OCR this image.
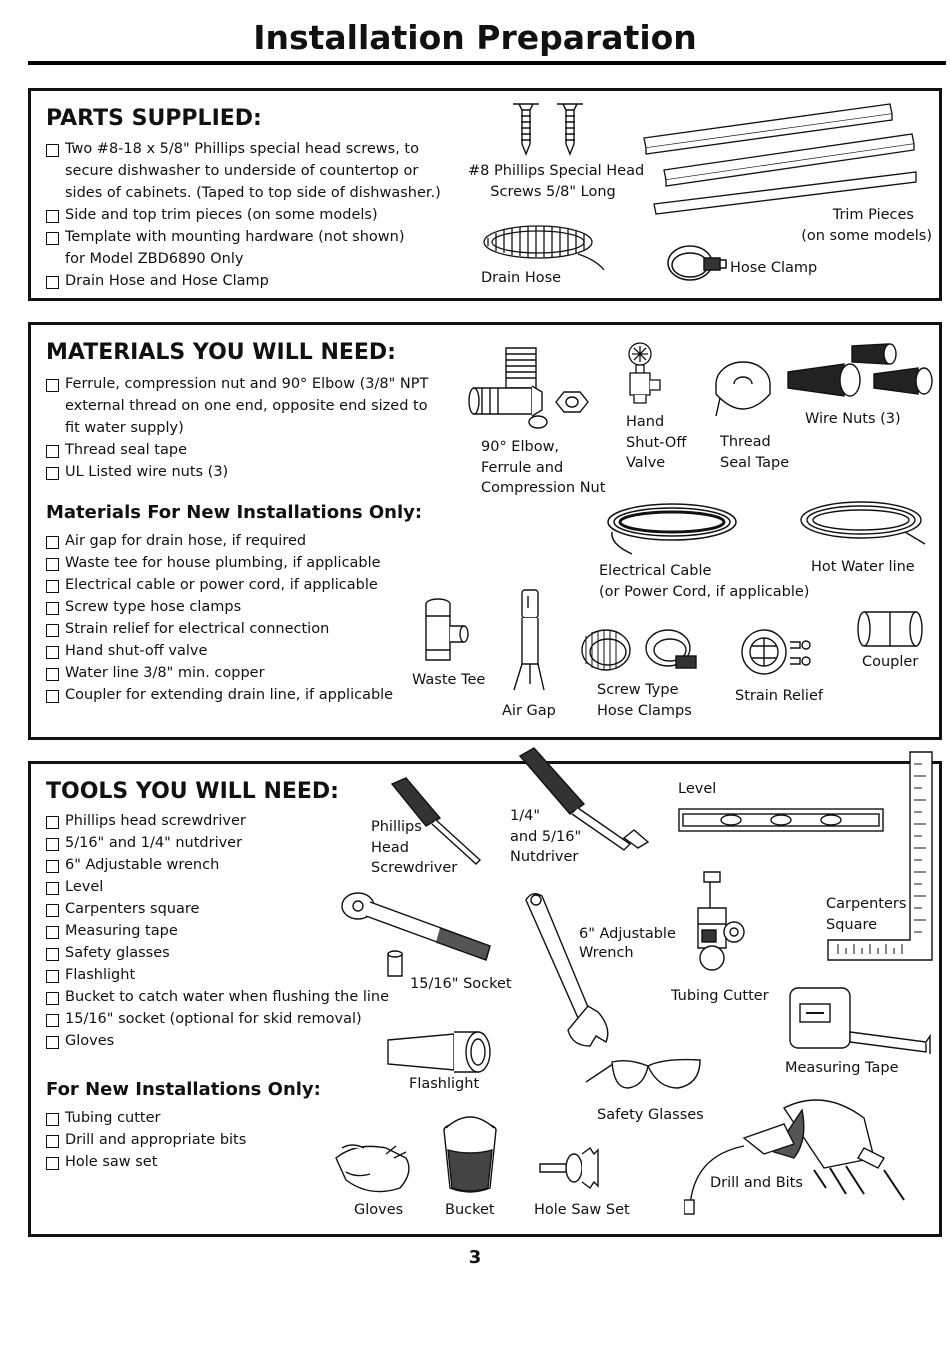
Installation Preparation
PARTS SUPPLIED:
Two #8-18 x 5/8" Phillips special head screws, to secure dishwasher to underside of countertop or sides of cabinets. (Taped to top side of dishwasher.)
Side and top trim pieces (on some models)
Template with mounting hardware (not shown) for Model ZBD6890 Only
Drain Hose and Hose Clamp
#8 Phillips Special Head
Screws 5/8" Long
Trim Pieces
(on some models)
Drain Hose
Hose Clamp
MATERIALS YOU WILL NEED:
Ferrule, compression nut and 90° Elbow (3/8" NPT external thread on one end, opposite end sized to fit water supply)
Thread seal tape
UL Listed wire nuts (3)
Materials For New Installations Only:
Air gap for drain hose, if required
Waste tee for house plumbing, if applicable
Electrical cable or power cord, if applicable
Screw type hose clamps
Strain relief for electrical connection
Hand shut-off valve
Water line 3/8" min. copper
Coupler for extending drain line, if applicable
90° Elbow,
Ferrule and
Compression Nut
Hand
Shut-Off
Valve
Thread
Seal Tape
Wire Nuts (3)
Electrical Cable
(or Power Cord, if applicable)
Hot Water line
Waste Tee
Air Gap
Screw Type
Hose Clamps
Strain Relief
Coupler
TOOLS YOU WILL NEED:
Phillips head screwdriver
5/16" and 1/4" nutdriver
6" Adjustable wrench
Level
Carpenters square
Measuring tape
Safety glasses
Flashlight
Bucket to catch water when flushing the line
15/16" socket (optional for skid removal)
Gloves
For New Installations Only:
Tubing cutter
Drill and appropriate bits
Hole saw set
Phillips
Head
Screwdriver
1/4"
and 5/16"
Nutdriver
Level
Carpenters
Square
15/16" Socket
6" Adjustable
Wrench
Tubing Cutter
Measuring Tape
Flashlight
Safety Glasses
Drill and Bits
Gloves	Bucket	Hole Saw Set
3
